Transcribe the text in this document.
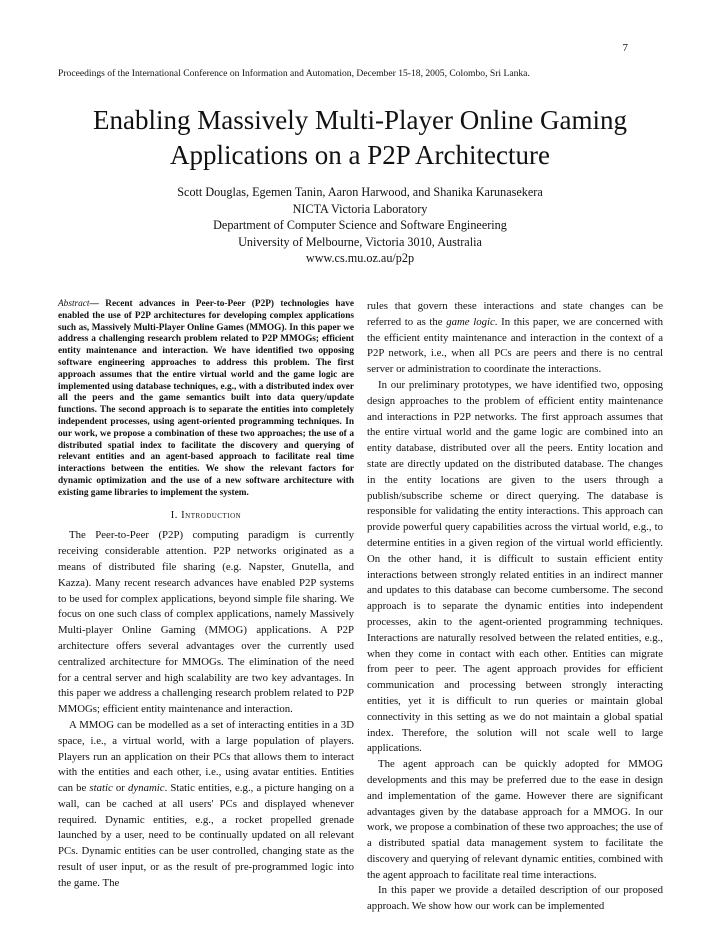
7
Proceedings of the International Conference on Information and Automation, December 15-18, 2005, Colombo, Sri Lanka.
Enabling Massively Multi-Player Online Gaming
Applications on a P2P Architecture
Scott Douglas, Egemen Tanin, Aaron Harwood, and Shanika Karunasekera
NICTA Victoria Laboratory
Department of Computer Science and Software Engineering
University of Melbourne, Victoria 3010, Australia
www.cs.mu.oz.au/p2p

Abstract— Recent advances in Peer-to-Peer (P2P) technologies have enabled the use of P2P architectures for developing complex applications such as, Massively Multi-Player Online Games (MMOG). In this paper we address a challenging research problem related to P2P MMOGs; efficient entity maintenance and interaction. We have identified two opposing software engineering approaches to address this problem. The first approach assumes that the entire virtual world and the game logic are implemented using database techniques, e.g., with a distributed index over all the peers and the game semantics built into data query/update functions. The second approach is to separate the entities into completely independent processes, using agent-oriented programming techniques. In our work, we propose a combination of these two approaches; the use of a distributed spatial index to facilitate the discovery and querying of relevant entities and an agent-based approach to facilitate real time interactions between the entities. We show the relevant factors for dynamic optimization and the use of a new software architecture with existing game libraries to implement the system.

I. Introduction

The Peer-to-Peer (P2P) computing paradigm is currently receiving considerable attention. P2P networks originated as a means of distributed file sharing (e.g. Napster, Gnutella, and Kazza). Many recent research advances have enabled P2P systems to be used for complex applications, beyond simple file sharing. We focus on one such class of complex applications, namely Massively Multi-player Online Gaming (MMOG) applications. A P2P architecture offers several advantages over the currently used centralized architecture for MMOGs. The elimination of the need for a central server and high scalability are two key advantages. In this paper we address a challenging research problem related to P2P MMOGs; efficient entity maintenance and interaction.

A MMOG can be modelled as a set of interacting entities in a 3D space, i.e., a virtual world, with a large population of players. Players run an application on their PCs that allows them to interact with the entities and each other, i.e., using avatar entities. Entities can be static or dynamic. Static entities, e.g., a picture hanging on a wall, can be cached at all users' PCs and displayed whenever required. Dynamic entities, e.g., a rocket propelled grenade launched by a user, need to be continually updated on all relevant PCs. Dynamic entities can be user controlled, changing state as the result of user input, or as the result of pre-programmed logic into the game. The

rules that govern these interactions and state changes can be referred to as the game logic. In this paper, we are concerned with the efficient entity maintenance and interaction in the context of a P2P network, i.e., when all PCs are peers and there is no central server or administration to coordinate the interactions.

In our preliminary prototypes, we have identified two, opposing design approaches to the problem of efficient entity maintenance and interactions in P2P networks. The first approach assumes that the entire virtual world and the game logic are combined into an entity database, distributed over all the peers. Entity location and state are directly updated on the distributed database. The changes in the entity locations are given to the users through a publish/subscribe scheme or direct querying. The database is responsible for validating the entity interactions. This approach can provide powerful query capabilities across the virtual world, e.g., to determine entities in a given region of the virtual world efficiently. On the other hand, it is difficult to sustain efficient entity interactions between strongly related entities in an indirect manner and updates to this database can become cumbersome. The second approach is to separate the dynamic entities into independent processes, akin to the agent-oriented programming techniques. Interactions are naturally resolved between the related entities, e.g., when they come in contact with each other. Entities can migrate from peer to peer. The agent approach provides for efficient communication and processing between strongly interacting entities, yet it is difficult to run queries or maintain global connectivity in this setting as we do not maintain a global spatial index. Therefore, the solution will not scale well to large applications.

The agent approach can be quickly adopted for MMOG developments and this may be preferred due to the ease in design and implementation of the game. However there are significant advantages given by the database approach for a MMOG. In our work, we propose a combination of these two approaches; the use of a distributed spatial data management system to facilitate the discovery and querying of relevant dynamic entities, combined with the agent approach to facilitate real time interactions.

In this paper we provide a detailed description of our proposed approach. We show how our work can be implemented
